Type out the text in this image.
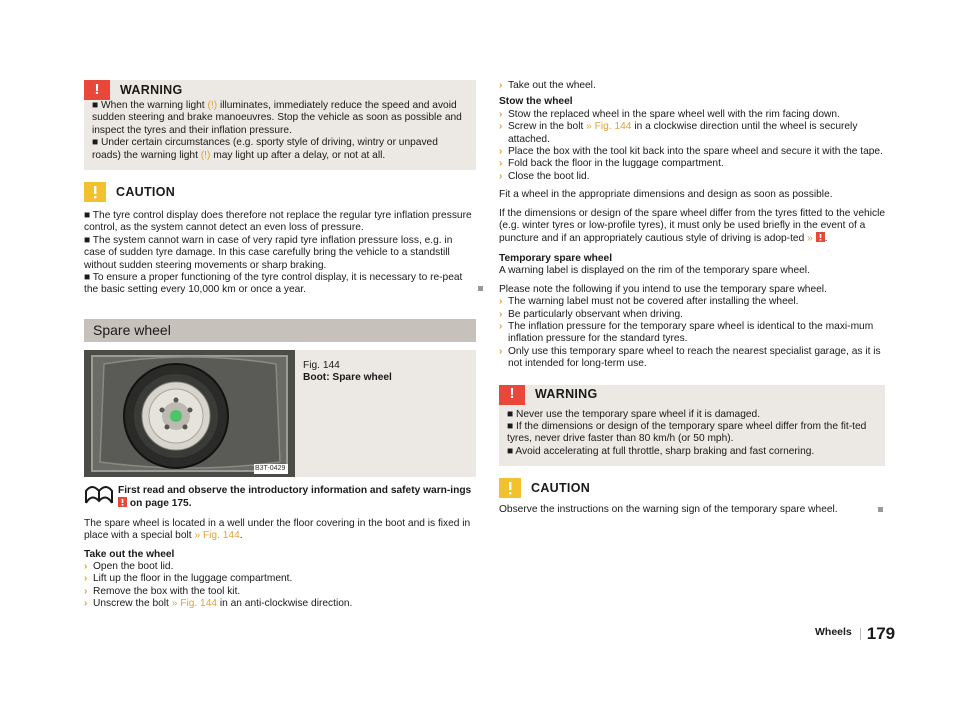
!	WARNING

■ When the warning light (!) illuminates, immediately reduce the speed and avoid sudden steering and brake manoeuvres. Stop the vehicle as soon as possible and inspect the tyres and their inflation pressure.

■ Under certain circumstances (e.g. sporty style of driving, wintry or unpaved roads) the warning light (!) may light up after a delay, or not at all.

CAUTION

■ The tyre control display does therefore not replace the regular tyre inflation pressure control, as the system cannot detect an even loss of pressure.

■ The system cannot warn in case of very rapid tyre inflation pressure loss, e.g. in case of sudden tyre damage. In this case carefully bring the vehicle to a standstill without sudden steering movements or sharp braking.

■ To ensure a proper functioning of the tyre control display, it is necessary to re-peat the basic setting every 10,000 km or once a year.

Spare wheel
B3T-0429

Fig. 144

Boot: Spare wheel

First read and observe the introductory information and safety warn-ings  on page 175.

The spare wheel is located in a well under the floor covering in the boot and is fixed in place with a special bolt » Fig. 144.

Take out the wheel

› Open the boot lid.
› Lift up the floor in the luggage compartment.
› Remove the box with the tool kit.
› Unscrew the bolt » Fig. 144 in an anti-clockwise direction.
› Take out the wheel.

Stow the wheel

› Stow the replaced wheel in the spare wheel well with the rim facing down.
› Screw in the bolt » Fig. 144 in a clockwise direction until the wheel is securely attached.
› Place the box with the tool kit back into the spare wheel and secure it with the tape.
› Fold back the floor in the luggage compartment.
› Close the boot lid.

Fit a wheel in the appropriate dimensions and design as soon as possible.

If the dimensions or design of the spare wheel differ from the tyres fitted to the vehicle (e.g. winter tyres or low-profile tyres), it must only be used briefly in the event of a puncture and if an appropriately cautious style of driving is adop-ted » .

Temporary spare wheel

A warning label is displayed on the rim of the temporary spare wheel.

Please note the following if you intend to use the temporary spare wheel.

› The warning label must not be covered after installing the wheel.
› Be particularly observant when driving.
› The inflation pressure for the temporary spare wheel is identical to the maxi-mum inflation pressure for the standard tyres.
› Only use this temporary spare wheel to reach the nearest specialist garage, as it is not intended for long-term use.
!	WARNING

■ Never use the temporary spare wheel if it is damaged.

■ If the dimensions or design of the temporary spare wheel differ from the fit-ted tyres, never drive faster than 80 km/h (or 50 mph).

■ Avoid accelerating at full throttle, sharp braking and fast cornering.

CAUTION

Observe the instructions on the warning sign of the temporary spare wheel.

Wheels 179
